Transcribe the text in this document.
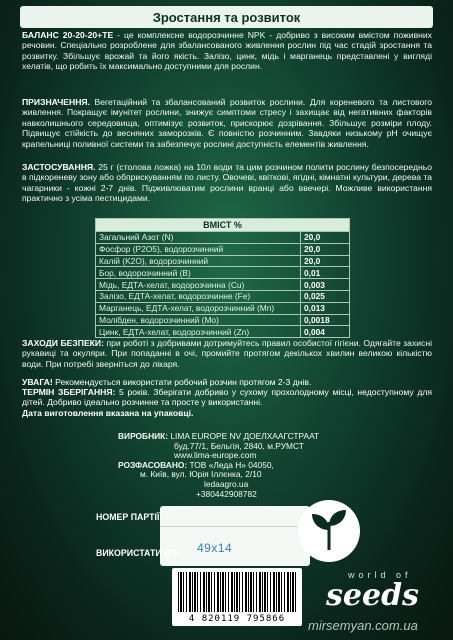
Зростання та розвиток
БАЛАНС 20-20-20+ТЕ - це комплексне водорозчинне NPK - добриво з високим вмістом поживних речовин. Спеціально розроблене для збалансованого живлення рослин під час стадій зростання та розвитку. Збільшує врожай та його якість. Залізо, цинк, мідь і марганець представлені у вигляді хелатів, що робить їх максимально доступними для рослин.
ПРИЗНАЧЕННЯ. Вегетаційний та збалансований розвиток рослини. Для кореневого та листового живлення. Покращує імунітет рослини, знижує симптоми стресу і захищає від негативних факторів навколишнього середовища, оптимізує розвиток, прискорює дозрівання. Збільшує розміри плоду. Підвищує стійкість до весняних заморозків. Є повністю розчинним. Завдяки низькому pH очищує крапельниці поливної системи та забезпечує рослині доступність елементів живлення.
ЗАСТОСУВАННЯ. 25 г (столова ложка) на 10л води та цим розчином полити рослину безпосередньо в підкореневу зону або обприскуванням по листу. Овочеві, квіткові, ягідні, кімнатні культури, дерева та чагарники - кожні 2-7 днів. Підживлюватим рослини вранці або ввечері. Можливе використання практично з усіма пестицидами.
ВМІСТ %
Загальний Азот (N)	20,0
Фосфор (P2O5), водорозчинний	20,0
Калій (K2O), водорозчинний	20,0
Бор, водорозчинний (B)	0,01
Мідь, ЕДТА-хелат, водорозчинна (Cu)	0,003
Залізо, ЕДТА-хелат, водорозчинне (Fe)	0,025
Марганець, ЕДТА-хелат, водорозчинний (Mn)	0,013
Молібден, водорозчинний (Mo)	0,0018
Цинк, ЕДТА-хелат, водорозчинний (Zn)	0,004
ЗАХОДИ БЕЗПЕКИ: при роботі з добривами дотримуйтесь правил особистої гігієни. Одягайте захисні рукавиці та окуляри. При попаданні в очі, промийте протягом декількох хвилин великою кількістю води. При потребі зверніться до лікаря.
УВАГА! Рекомендується використати робочий розчин протягом 2-3 днів.
ТЕРМІН ЗБЕРІГАННЯ: 5 років. Зберігати добриво у сухому прохолодному місці, недоступному для дітей. Добриво ідеально розчинне та просте у використанні.
Дата виготовлення вказана на упаковці.
ВИРОБНИК: LIMA EUROPE NV ДОЕЛХААГСТРААТ
буд.77/1, Бельгія, 2840, м.РУМСТ
www.lima-europe.com
РОЗФАСОВАНО: ТОВ «Леда Н» 04050,
м. Київ, вул. Юрія Іллєнка, 2/10
ledaagro.ua
+380442908782
НОМЕР ПАРТІЇ:
ВИКОРИСТАТИ ДО:	49x14
4 820119 795866
world of
seeds
mirsemyan.com.ua
